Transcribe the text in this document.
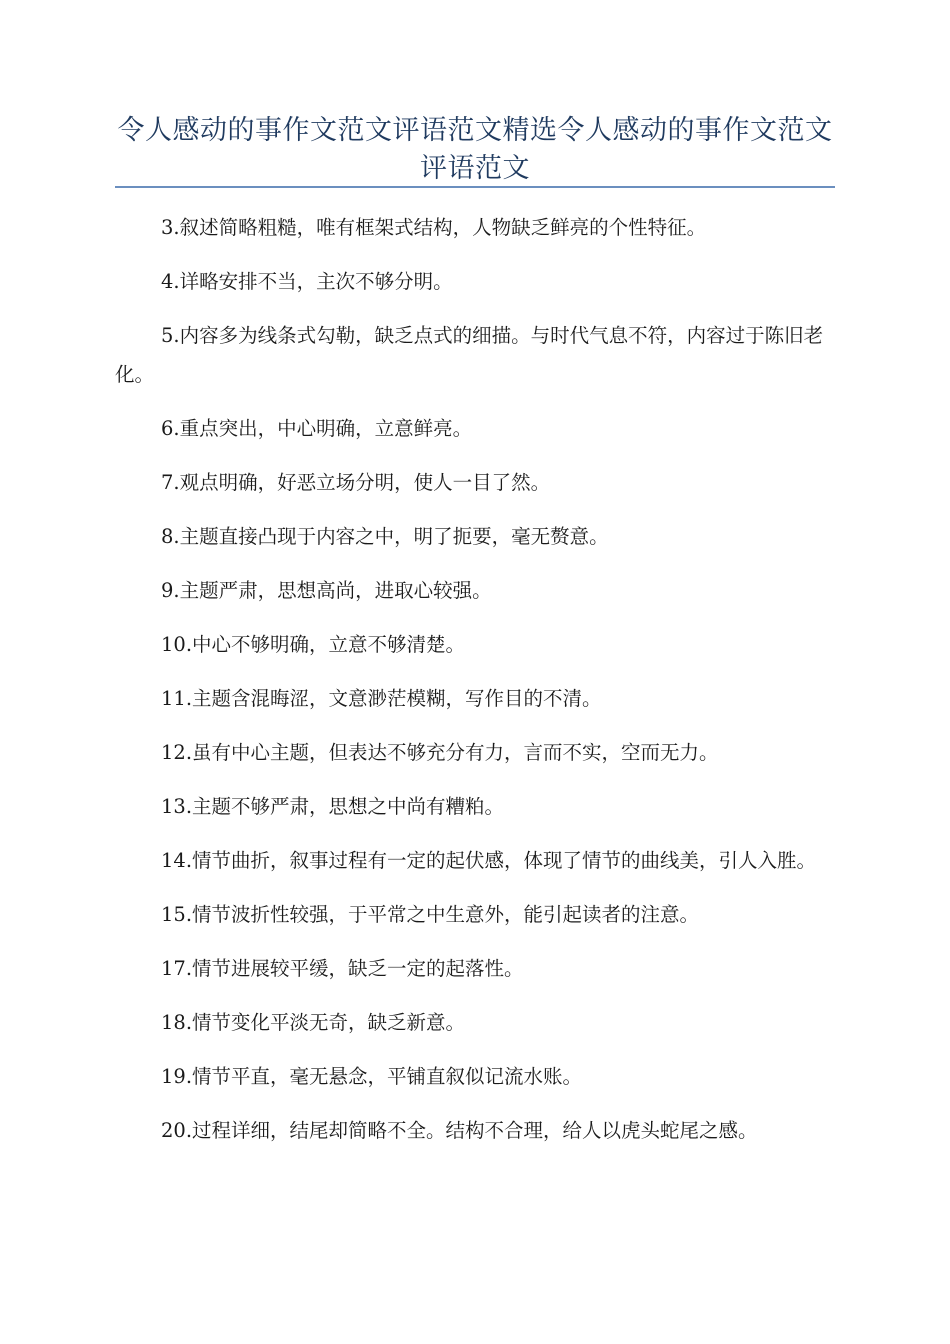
令人感动的事作文范文评语范文精选令人感动的事作文范文评语范文

3.叙述简略粗糙，唯有框架式结构，人物缺乏鲜亮的个性特征。

4.详略安排不当，主次不够分明。

5.内容多为线条式勾勒，缺乏点式的细描。与时代气息不符，内容过于陈旧老化。

6.重点突出，中心明确，立意鲜亮。

7.观点明确，好恶立场分明，使人一目了然。

8.主题直接凸现于内容之中，明了扼要，毫无赘意。

9.主题严肃，思想高尚，进取心较强。

10.中心不够明确，立意不够清楚。

11.主题含混晦涩，文意渺茫模糊，写作目的不清。

12.虽有中心主题，但表达不够充分有力，言而不实，空而无力。

13.主题不够严肃，思想之中尚有糟粕。

14.情节曲折，叙事过程有一定的起伏感，体现了情节的曲线美，引人入胜。

15.情节波折性较强，于平常之中生意外，能引起读者的注意。

17.情节进展较平缓，缺乏一定的起落性。

18.情节变化平淡无奇，缺乏新意。

19.情节平直，毫无悬念，平铺直叙似记流水账。

20.过程详细，结尾却简略不全。结构不合理，给人以虎头蛇尾之感。
